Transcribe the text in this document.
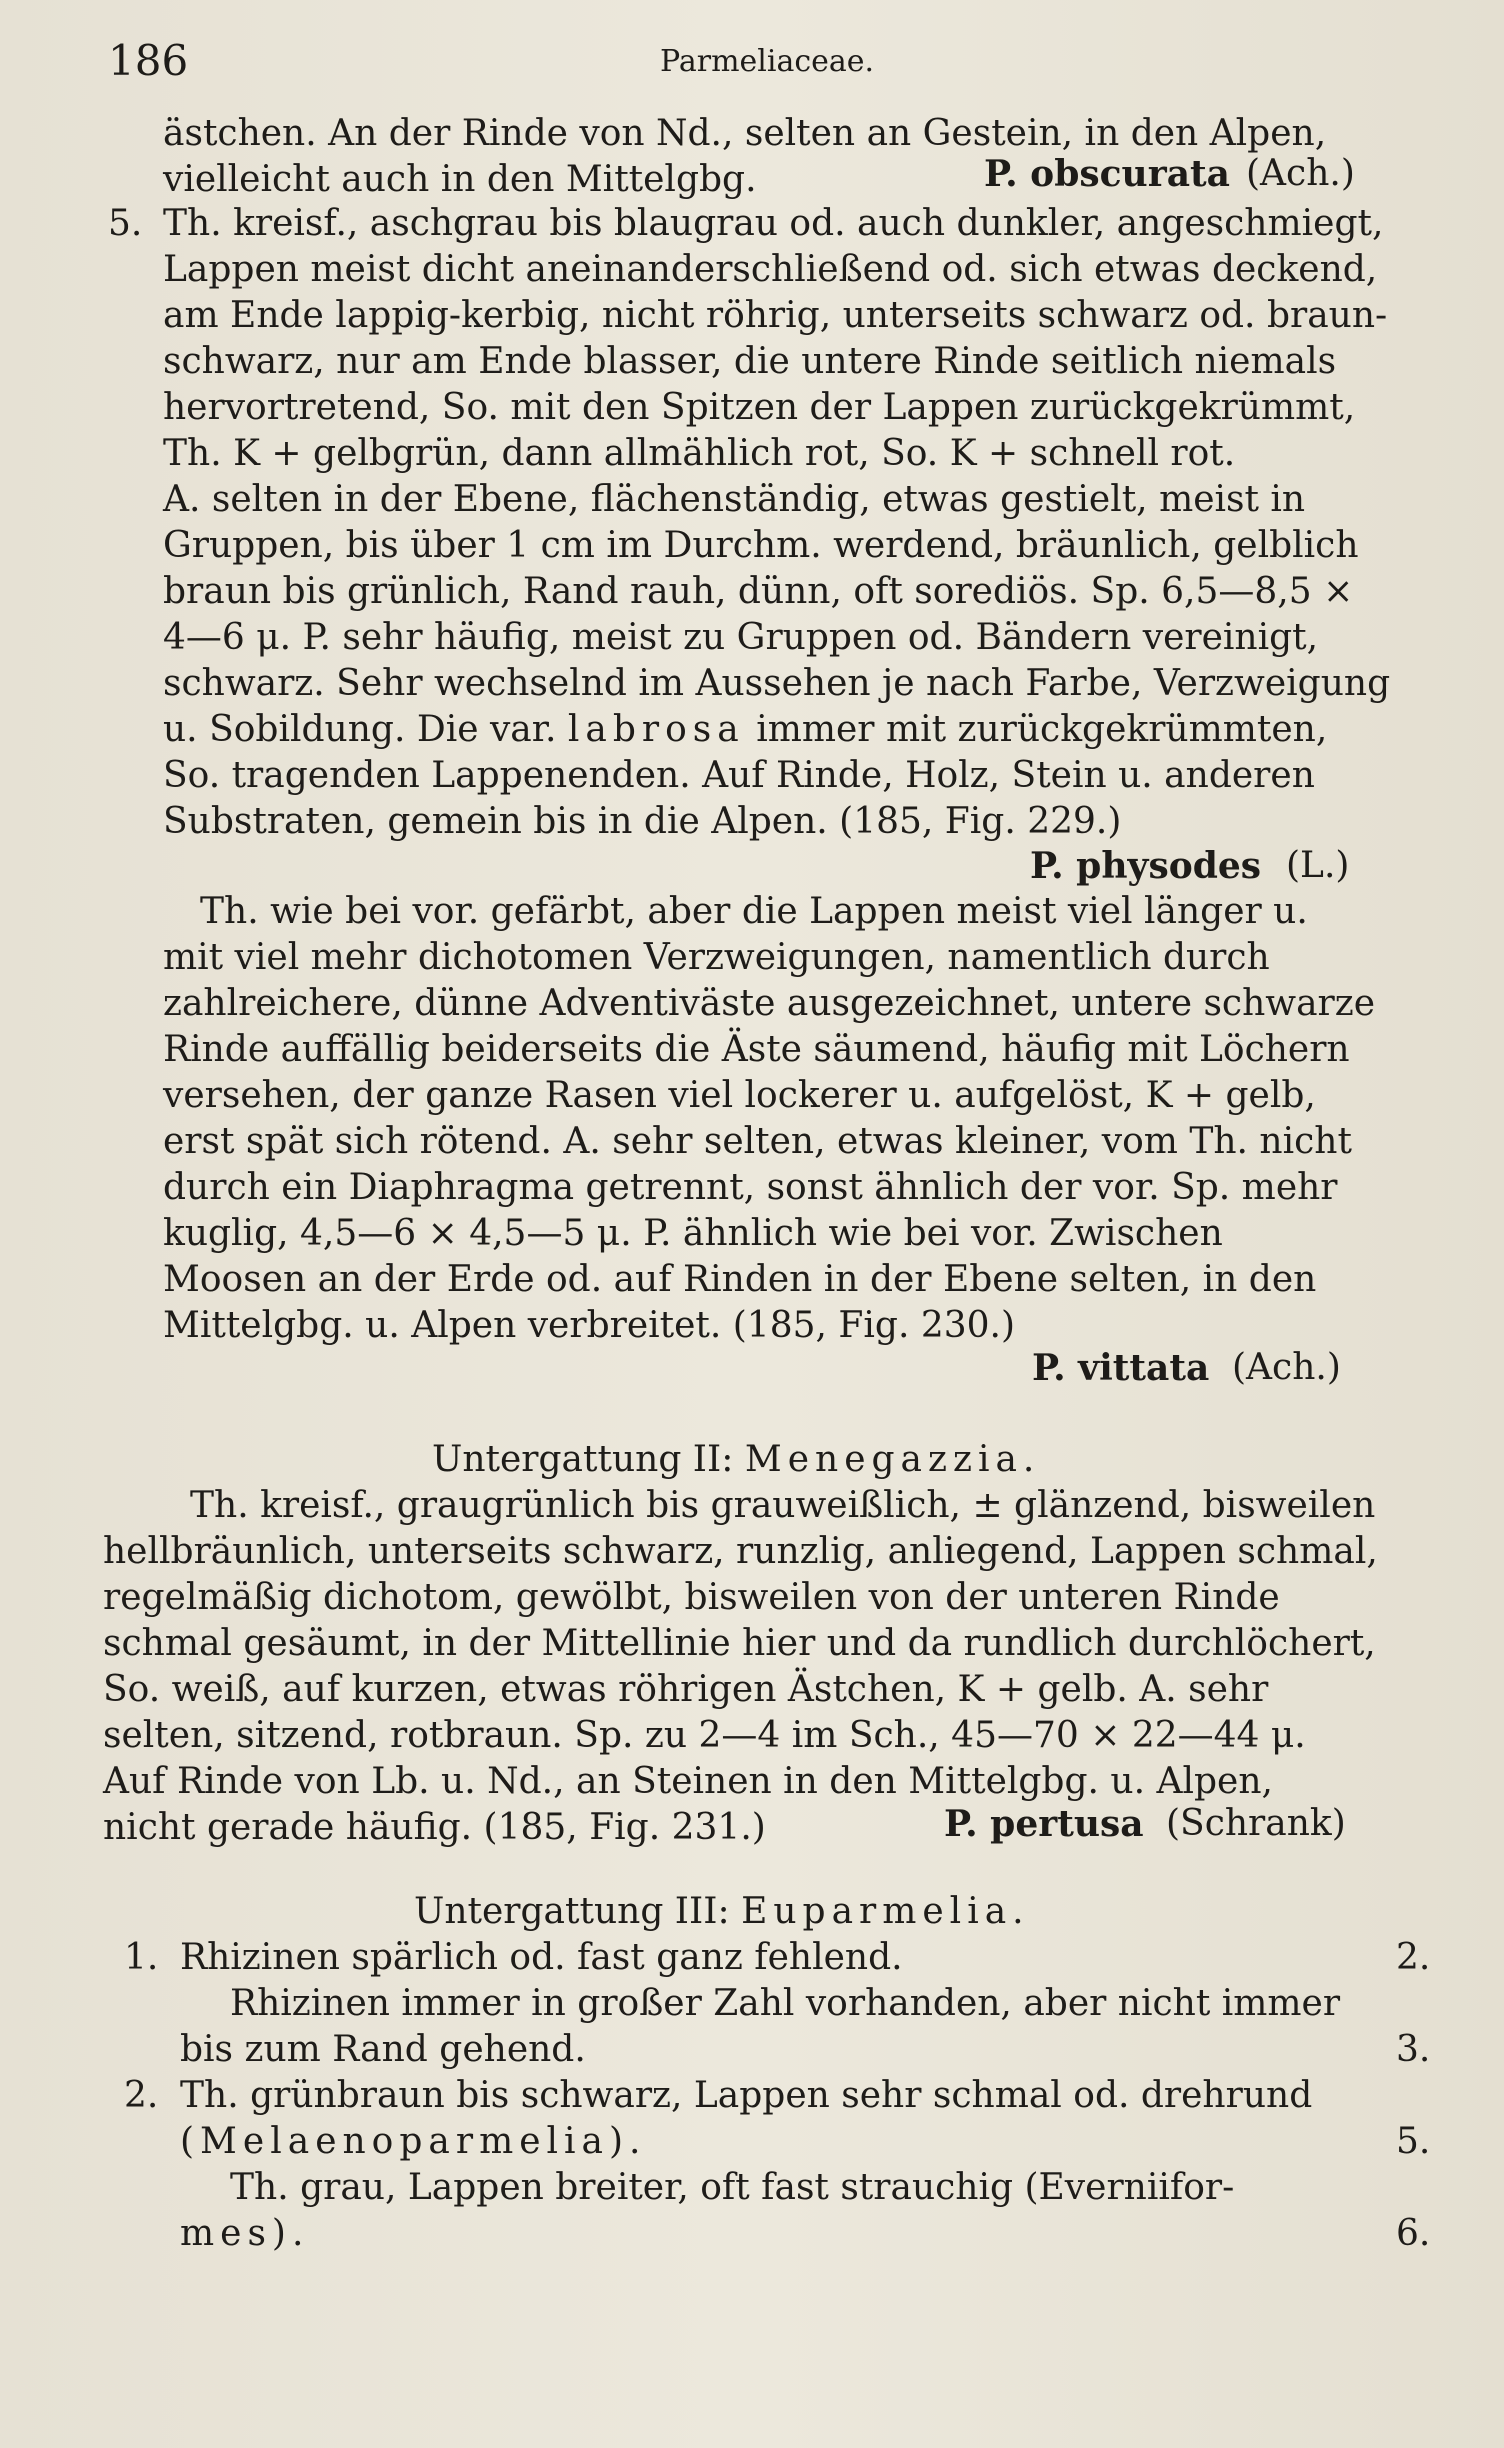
186	Parmeliaceae.
ästchen. An der Rinde von Nd., selten an Gestein, in den Alpen,
vielleicht auch in den Mittelgbg.	P. obscurata (Ach.)
5. Th. kreisf., aschgrau bis blaugrau od. auch dunkler, angeschmiegt,
Lappen meist dicht aneinanderschließend od. sich etwas deckend,
am Ende lappig-kerbig, nicht röhrig, unterseits schwarz od. braun-
schwarz, nur am Ende blasser, die untere Rinde seitlich niemals
hervortretend, So. mit den Spitzen der Lappen zurückgekrümmt,
Th. K + gelbgrün, dann allmählich rot, So. K + schnell rot.
A. selten in der Ebene, flächenständig, etwas gestielt, meist in
Gruppen, bis über 1 cm im Durchm. werdend, bräunlich, gelblich
braun bis grünlich, Rand rauh, dünn, oft sorediös. Sp. 6,5—8,5 ×
4—6 μ. P. sehr häufig, meist zu Gruppen od. Bändern vereinigt,
schwarz. Sehr wechselnd im Aussehen je nach Farbe, Verzweigung
u. Sobildung. Die var. labrosa immer mit zurückgekrümmten,
So. tragenden Lappenenden. Auf Rinde, Holz, Stein u. anderen
Substraten, gemein bis in die Alpen. (185, Fig. 229.)
P. physodes (L.)
Th. wie bei vor. gefärbt, aber die Lappen meist viel länger u.
mit viel mehr dichotomen Verzweigungen, namentlich durch
zahlreichere, dünne Adventiväste ausgezeichnet, untere schwarze
Rinde auffällig beiderseits die Äste säumend, häufig mit Löchern
versehen, der ganze Rasen viel lockerer u. aufgelöst, K + gelb,
erst spät sich rötend. A. sehr selten, etwas kleiner, vom Th. nicht
durch ein Diaphragma getrennt, sonst ähnlich der vor. Sp. mehr
kuglig, 4,5—6 × 4,5—5 μ. P. ähnlich wie bei vor. Zwischen
Moosen an der Erde od. auf Rinden in der Ebene selten, in den
Mittelgbg. u. Alpen verbreitet. (185, Fig. 230.)
P. vittata (Ach.)
Untergattung II: Menegazzia.
Th. kreisf., graugrünlich bis grauweißlich, ± glänzend, bisweilen
hellbräunlich, unterseits schwarz, runzlig, anliegend, Lappen schmal,
regelmäßig dichotom, gewölbt, bisweilen von der unteren Rinde
schmal gesäumt, in der Mittellinie hier und da rundlich durchlöchert,
So. weiß, auf kurzen, etwas röhrigen Ästchen, K + gelb. A. sehr
selten, sitzend, rotbraun. Sp. zu 2—4 im Sch., 45—70 × 22—44 μ.
Auf Rinde von Lb. u. Nd., an Steinen in den Mittelgbg. u. Alpen,
nicht gerade häufig. (185, Fig. 231.)	P. pertusa (Schrank)
Untergattung III: Euparmelia.
1. Rhizinen spärlich od. fast ganz fehlend.	2.
Rhizinen immer in großer Zahl vorhanden, aber nicht immer
bis zum Rand gehend.	3.
2. Th. grünbraun bis schwarz, Lappen sehr schmal od. drehrund
(Melaenoparmelia).	5.
Th. grau, Lappen breiter, oft fast strauchig (Everniifor-
mes).	6.
